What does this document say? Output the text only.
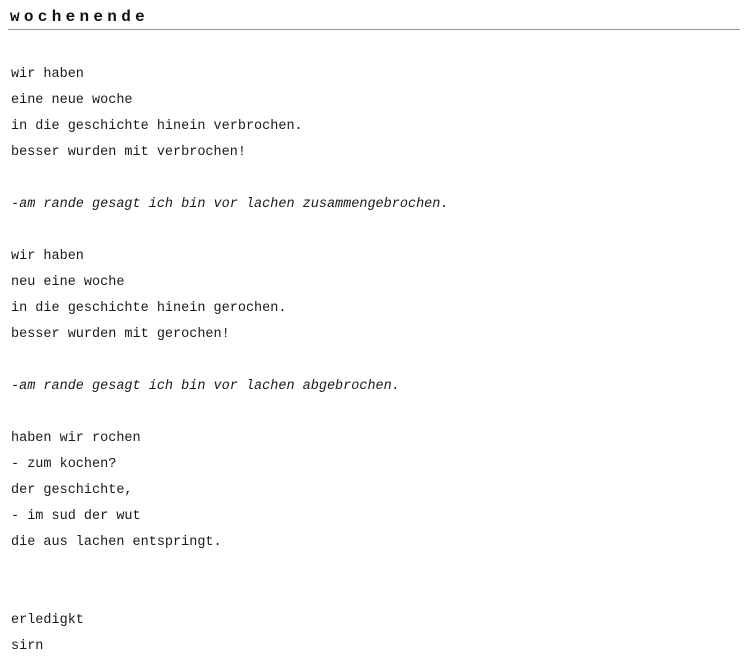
wochenende
wir haben
eine neue woche
in die geschichte hinein verbrochen.
besser wurden mit verbrochen!
-am rande gesagt ich bin vor lachen zusammengebrochen.
wir haben
neu eine woche
in die geschichte hinein gerochen.
besser wurden mit gerochen!
-am rande gesagt ich bin vor lachen abgebrochen.
haben wir rochen
- zum kochen?
der geschichte,
- im sud der wut
die aus lachen entspringt.
erledigkt
sirn
